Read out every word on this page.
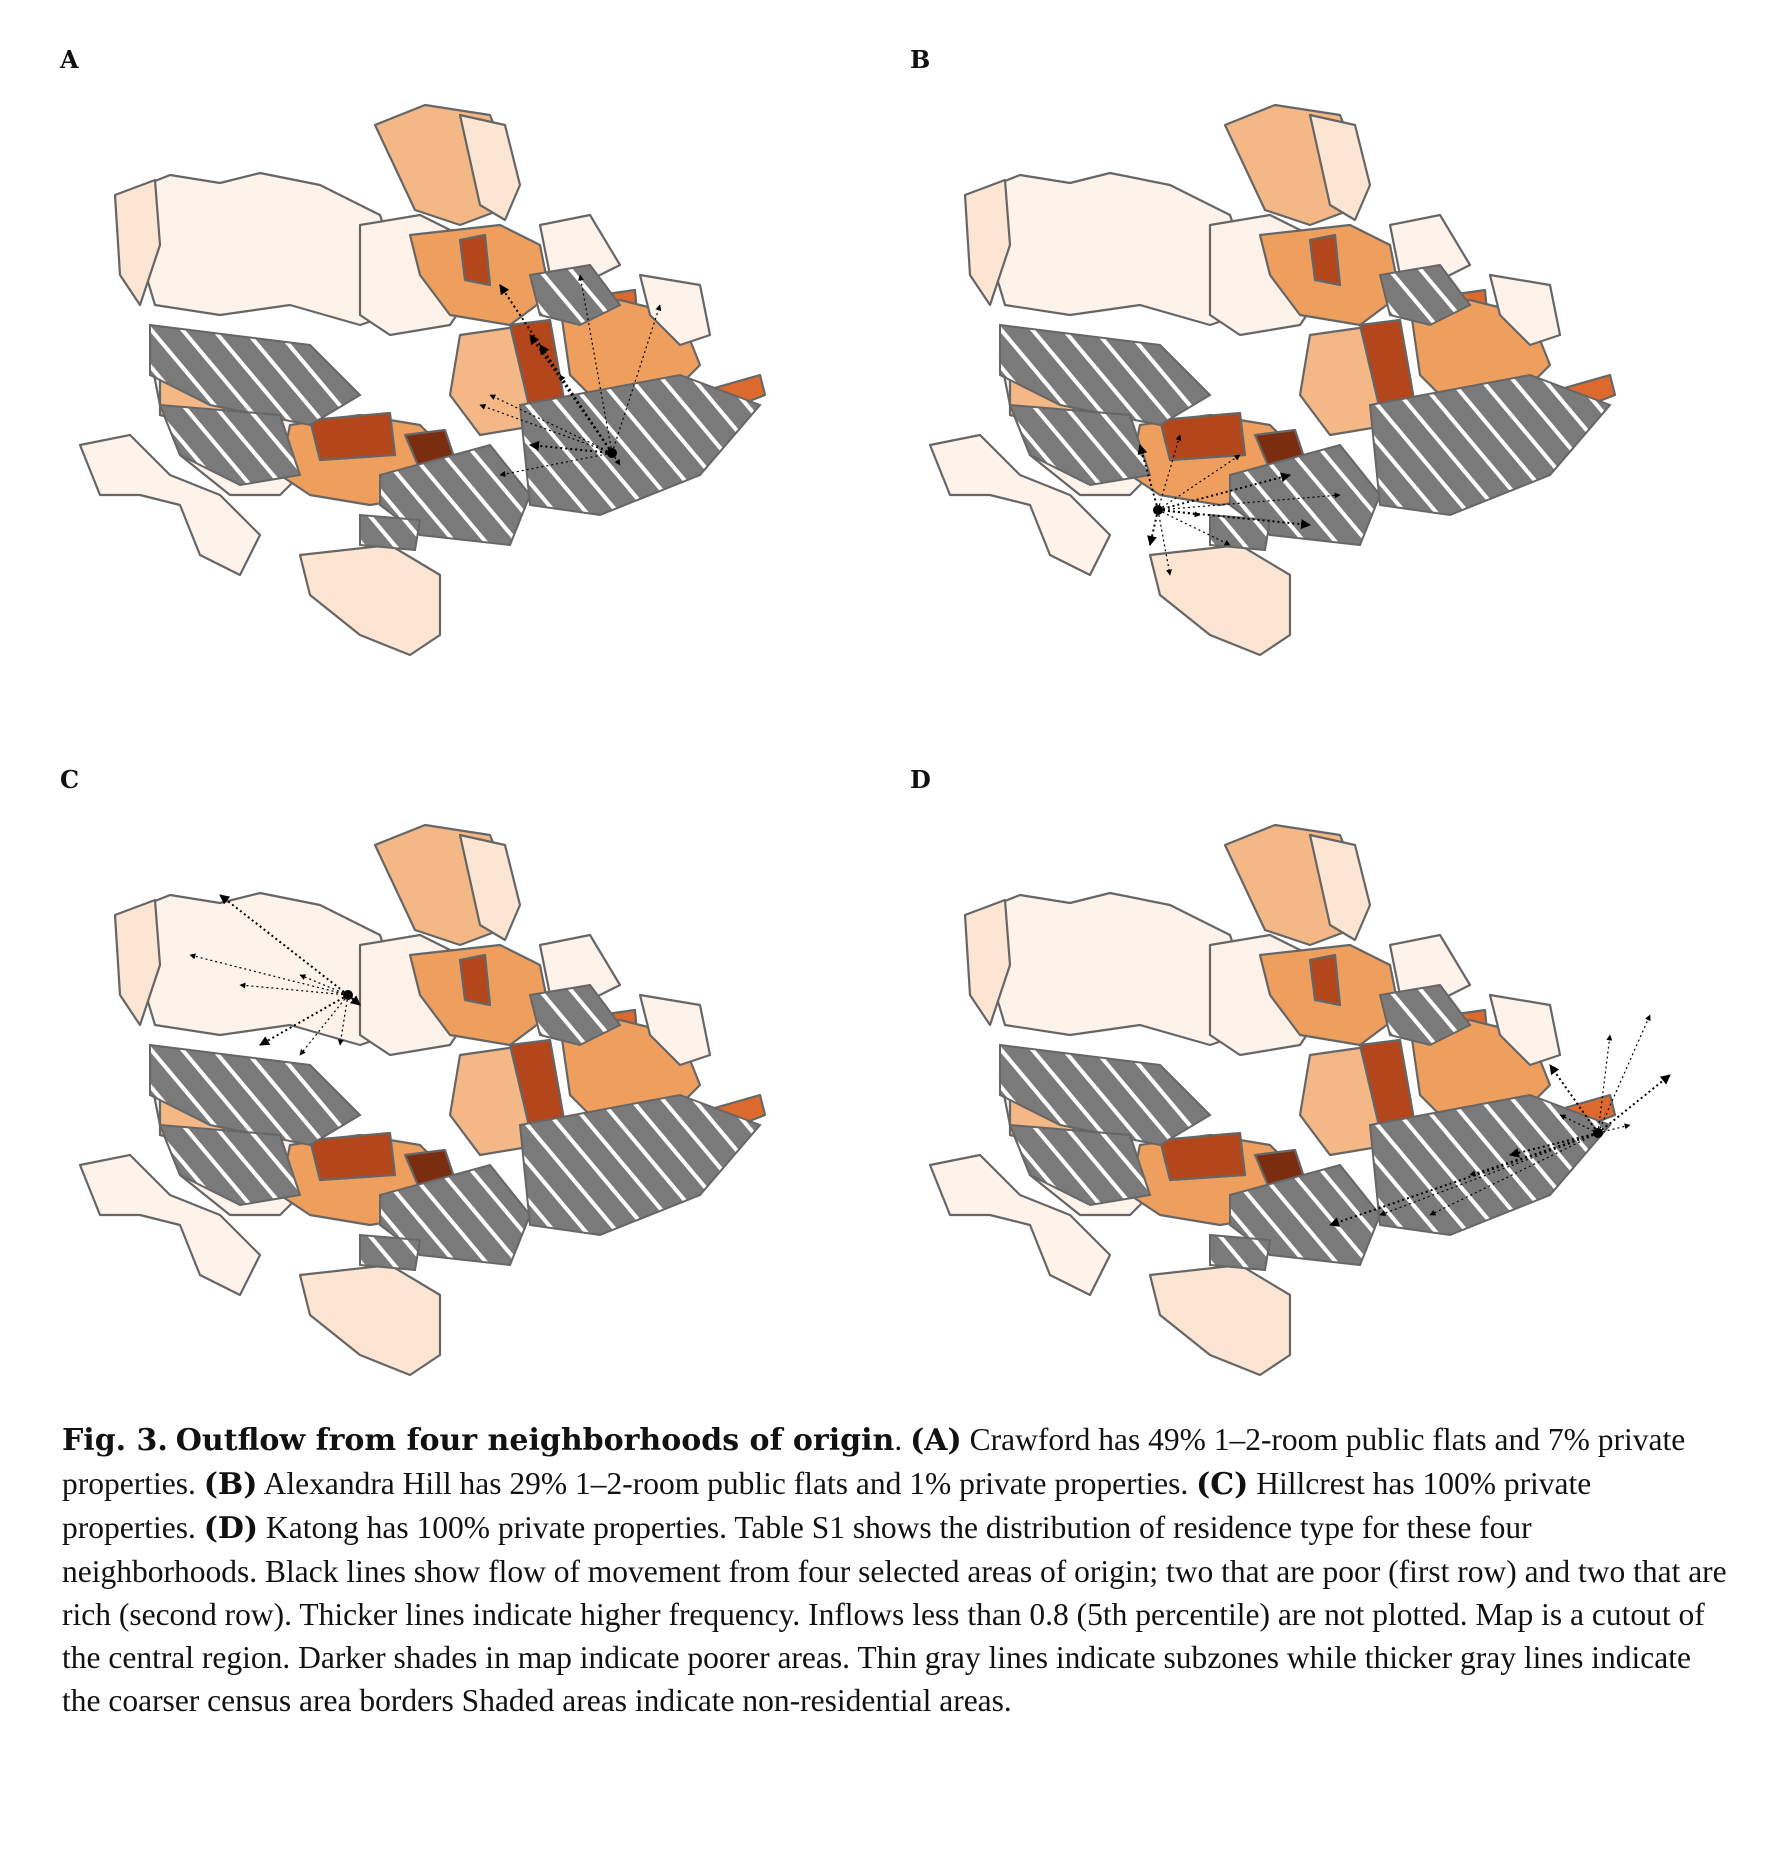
A	B
C	D
Fig. 3. Outflow from four neighborhoods of origin. (A) Crawford has 49% 1–2-room public flats and 7% private properties. (B) Alexandra Hill has 29% 1–2-room public flats and 1% private properties. (C) Hillcrest has 100% private properties. (D) Katong has 100% private properties. Table S1 shows the distribution of residence type for these four neighborhoods. Black lines show flow of movement from four selected areas of origin; two that are poor (first row) and two that are rich (second row). Thicker lines indicate higher frequency. Inflows less than 0.8 (5th percentile) are not plotted. Map is a cutout of the central region. Darker shades in map indicate poorer areas. Thin gray lines indicate subzones while thicker gray lines indicate the coarser census area borders Shaded areas indicate non-residential areas.
